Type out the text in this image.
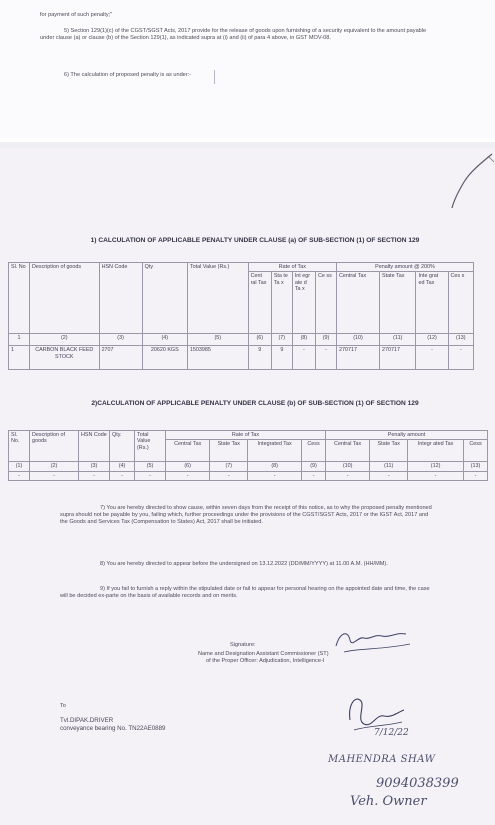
for payment of such penalty;"
5) Section 129(1)(c) of the CGST/SGST Acts, 2017 provide for the release of goods upon furnishing of a security equivalent to the amount payable under clause (a) or clause (b) of the Section 129(1), as indicated supra at (i) and (ii) of para 4 above, in GST MOV-08.
6) The calculation of proposed penalty is as under:-
1) CALCULATION OF APPLICABLE PENALTY UNDER CLAUSE (a) OF SUB-SECTION (1) OF SECTION 129
Sl. No	Description of goods	HSN Code	Qty	Total Value (Rs.)	Rate of Tax				Penalty amount @ 200%			
					Cent ral Tax	Sta te Ta x	Int egr ate d Ta x	Ce ss	Central Tax	State Tax	Inte grat ed Tax	Ces s
1	(2)	(3)	(4)	(5)	(6)	(7)	(8)	(9)	(10)	(11)	(12)	(13)
1	CARBON BLACK FEED STOCK	2707	20620 KGS	1503985	9	9	-	-	270717	270717	-	-
2)CALCULATION OF APPLICABLE PENALTY UNDER CLAUSE (b) OF SUB-SECTION (1) OF SECTION 129
Sl. No.	Description of goods	HSN Code	Qty.	Total Value (Rs.)	Rate of Tax				Penalty amount			
					Central Tax	State Tax	Integrated Tax	Cess	Central Tax	State Tax	Integr ated Tax	Cess
(1)	(2)	(3)	(4)	(5)	(6)	(7)	(8)	(9)	(10)	(11)	(12)	(13)
-	-	-	-	-	-	-	-	-	-	-	-	-
7) You are hereby directed to show cause, within seven days from the receipt of this notice, as to why the proposed penalty mentioned supra should not be payable by you, failing which, further proceedings under the provisions of the CGST/SGST Acts, 2017 or the IGST Act, 2017 and the Goods and Services Tax (Compensation to States) Act, 2017 shall be initiated.
8) You are hereby directed to appear before the undersigned on 13.12.2022 (DD/MM/YYYY) at 11.00 A.M. (HH/MM).
9) If you fail to furnish a reply within the stipulated date or fail to appear for personal hearing on the appointed date and time, the case will be decided ex-parte on the basis of available records and on merits.
Signature:
Name and Designation Assistant Commissioner (ST)
of the Proper Officer: Adjudication, Intelligence-I
To
Tvl.DIPAK.DRIVER
conveyance bearing No. TN22AE0889	7/12/22
MAHENDRA SHAW
9094038399
Veh. Owner
